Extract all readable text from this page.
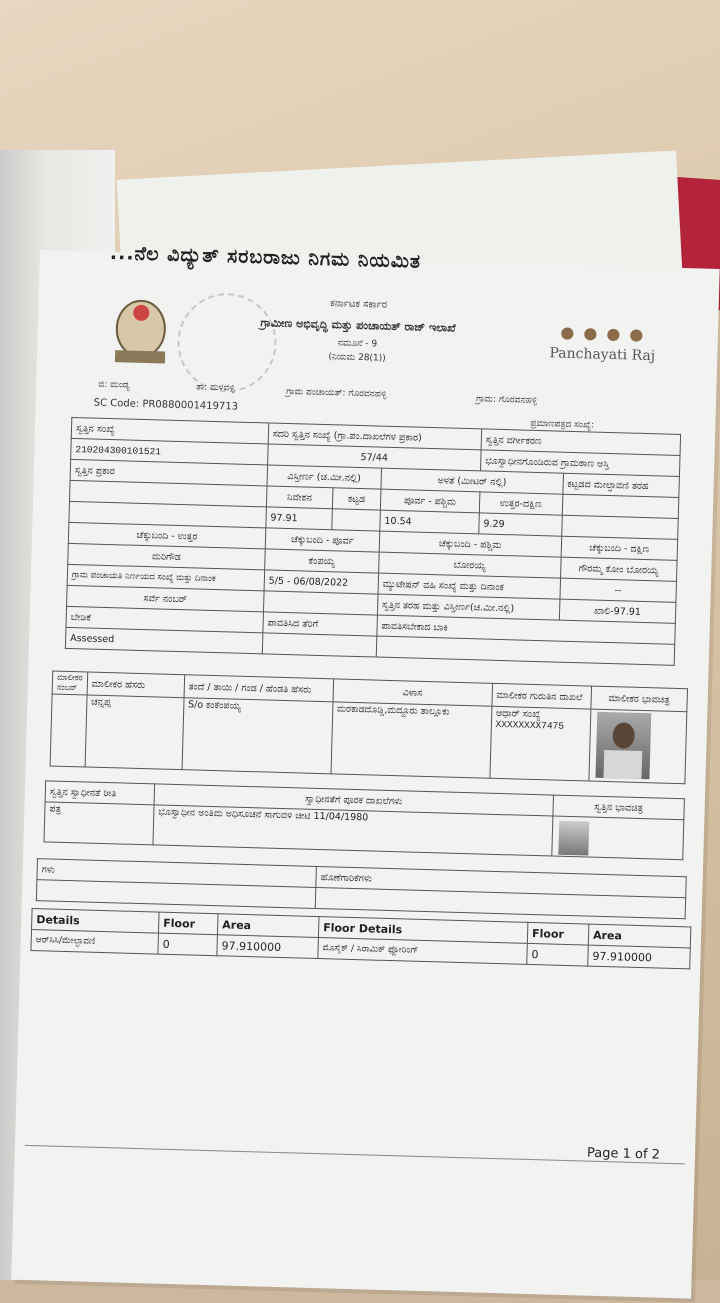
...ನೆಲ ವಿದ್ಯುತ್ ಸರಬರಾಜು ನಿಗಮ ನಿಯಮಿತ
ಕರ್ನಾಟಕ ಸರ್ಕಾರ
ಗ್ರಾಮೀಣ ಅಭಿವೃದ್ಧಿ ಮತ್ತು ಪಂಚಾಯತ್ ರಾಜ್ ಇಲಾಖೆ
ನಮೂನೆ - 9
(ನಿಯಮ 28(1))
● ● ● ●
Panchayati Raj
ಜಿ: ಮಂಡ್ಯ	ತಾ: ಮಳವಳ್ಳಿ	ಗ್ರಾಮ ಪಂಚಾಯತ್: ಗೊರವನಹಳ್ಳಿ
ಗ್ರಾಮ: ಗೊರವನಹಳ್ಳಿ
SC Code: PR0880001419713
ಪ್ರಮಾಣಪತ್ರದ ಸಂಖ್ಯೆ:
ಸ್ವತ್ತಿನ ಸಂಖ್ಯೆ	ಸದರಿ ಸ್ವತ್ತಿನ ಸಂಖ್ಯೆ (ಗ್ರಾ.ಪಂ.ದಾಖಲೆಗಳ ಪ್ರಕಾರ)			ಸ್ವತ್ತಿನ ವರ್ಗೀಕರಣ	
210204300101521	57/44			ಭೂಸ್ವಾಧೀನಗೊಂಡಿರುವ ಗ್ರಾಮಠಾಣ ಅಸ್ತಿ	
ಸ್ವತ್ತಿನ ಪ್ರಕಾರ	ವಿಸ್ತೀರ್ಣ (ಚ.ಮೀ.ನಲ್ಲಿ)		ಅಳತೆ (ಮೀಟರ್ ನಲ್ಲಿ)		ಕಟ್ಟಡದ ಮೇಲ್ಛಾವಣಿ ತರಹ
	ನಿವೇಶನ	ಕಟ್ಟಡ	ಪೂರ್ವ - ಪಶ್ಚಿಮ	ಉತ್ತರ-ದಕ್ಷಿಣ	
	97.91		10.54	9.29	
ಚೆಕ್ಕುಬಂದಿ - ಉತ್ತರ	ಚೆಕ್ಕುಬಂದಿ - ಪೂರ್ವ		ಚೆಕ್ಕುಬಂದಿ - ಪಶ್ಚಿಮ		ಚೆಕ್ಕುಬಂದಿ - ದಕ್ಷಿಣ
ಮರಿಗೌಡ	ಕೆಂಪಯ್ಯ		ಬೋರಯ್ಯ		ಗೌರಮ್ಮ ಕೋಂ ಬೋರಯ್ಯ
ಗ್ರಾಮ ಪಂಚಾಯತಿ ನಿರ್ಣಯದ ಸಂಖ್ಯೆ ಮತ್ತು ದಿನಾಂಕ	5/5 - 06/08/2022		ಮ್ಯುಟೇಷನ್ ವಹಿ ಸಂಖ್ಯೆ ಮತ್ತು ದಿನಾಂಕ		--
ಸರ್ವೆ ನಂಬರ್			ಸ್ವತ್ತಿನ ತರಹ ಮತ್ತು ವಿಸ್ತೀರ್ಣ(ಚ.ಮೀ.ನಲ್ಲಿ)		ಖಾಲಿ-97.91
ಬೇಡಿಕೆ	ಪಾವತಿಸಿದ ತೆರಿಗೆ		ಪಾವತಿಸಬೇಕಾದ ಬಾಕಿ		
Assessed					
ಮಾಲೀಕರ ನಂಬರ್	ಮಾಲೀಕರ ಹೆಸರು	ತಂದೆ / ತಾಯಿ / ಗಂಡ / ಹೆಂಡತಿ ಹೆಸರು	ವಿಳಾಸ	ಮಾಲೀಕರ ಗುರುತಿನ ದಾಖಲೆ	ಮಾಲೀಕರ ಭಾವಚಿತ್ರ
	ಚನ್ನಪ್ಪ	S/o ಕಂಕೆಂಪಯ್ಯ	ಮರಕಾಡದೊಡ್ಡಿ,ಮದ್ದೂರು ತಾಲ್ಲೂಕು	ಆಧಾರ್ ಸಂಖ್ಯೆ
XXXXXXXX7475	

ಸ್ವತ್ತಿನ ಸ್ವಾಧೀನತೆ ರೀತಿ	ಸ್ವಾಧೀನತೆಗೆ ಪೂರಕ ದಾಖಲೆಗಳು	ಸ್ವತ್ತಿನ ಭಾವಚಿತ್ರ
ಪತ್ರ	ಭೂಸ್ವಾಧೀನ ಅಂತಿಮ ಅಧಿಸೂಚನೆ ಸಾಗುವಳಿ ಚೀಟಿ 11/04/1980	
ಗಳು	ಹೊಣೆಗಾರಿಕೆಗಳು

Details	Floor	Area	Floor Details	Floor	Area
ಆರ್‌ಸಿಸಿ/ಮೇಲ್ಛಾವಣಿ	0	97.910000	ಮೊಸೈಕ್ / ಸಿರಾಮಿಕ್ ಫ್ಲೋರಿಂಗ್	0	97.910000
Page 1 of 2
